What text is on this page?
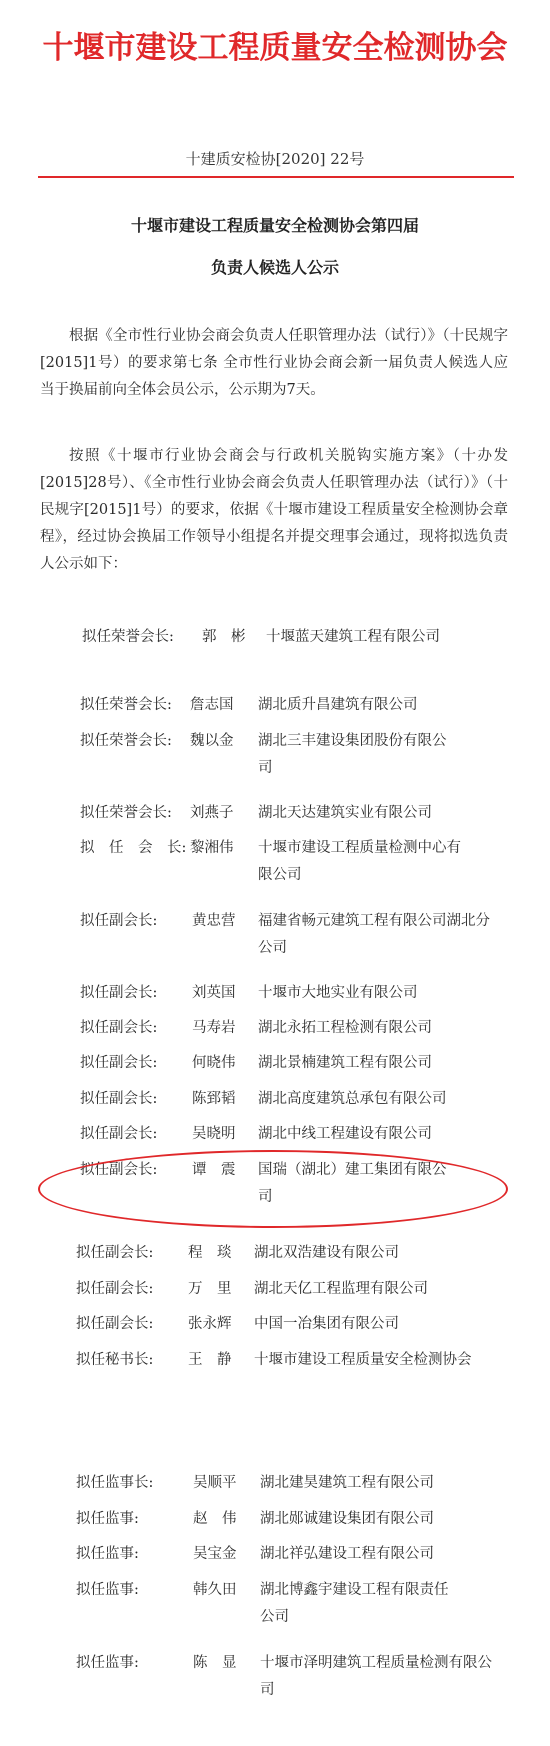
十堰市建设工程质量安全检测协会
十建质安检协[2020] 22号
十堰市建设工程质量安全检测协会第四届
负责人候选人公示
根据《全市性行业协会商会负责人任职管理办法（试行）》（十民规字[2015]1号）的要求第七条 全市性行业协会商会新一届负责人候选人应当于换届前向全体会员公示，公示期为7天。
按照《十堰市行业协会商会与行政机关脱钩实施方案》（十办发[2015]28号）、《全市性行业协会商会负责人任职管理办法（试行）》（十民规字[2015]1号）的要求，依据《十堰市建设工程质量安全检测协会章程》，经过协会换届工作领导小组提名并提交理事会通过，现将拟选负责人公示如下：
拟任荣誉会长: 郭　彬 十堰蓝天建筑工程有限公司
拟任荣誉会长: 詹志国 湖北质升昌建筑有限公司
拟任荣誉会长: 魏以金 湖北三丰建设集团股份有限公司
拟任荣誉会长: 刘燕子 湖北天达建筑实业有限公司
拟　任　会　长: 黎湘伟 十堰市建设工程质量检测中心有限公司
拟任副会长: 黄忠营 福建省畅元建筑工程有限公司湖北分公司
拟任副会长: 刘英国 十堰市大地实业有限公司
拟任副会长: 马寿岩 湖北永拓工程检测有限公司
拟任副会长: 何晓伟 湖北景楠建筑工程有限公司
拟任副会长: 陈郅韬 湖北高度建筑总承包有限公司
拟任副会长: 吴晓明 湖北中线工程建设有限公司
拟任副会长: 谭　震 国瑞（湖北）建工集团有限公司
拟任副会长: 程　琰 湖北双浩建设有限公司
拟任副会长: 万　里 湖北天亿工程监理有限公司
拟任副会长: 张永辉 中国一冶集团有限公司
拟任秘书长: 王　静 十堰市建设工程质量安全检测协会
拟任监事长:	吴顺平 湖北建昊建筑工程有限公司
拟任监事:	赵　伟 湖北郧诚建设集团有限公司
拟任监事:	吴宝金 湖北祥弘建设工程有限公司
拟任监事:	韩久田 湖北博鑫宇建设工程有限责任公司
拟任监事:	陈　显 十堰市泽明建筑工程质量检测有限公司
